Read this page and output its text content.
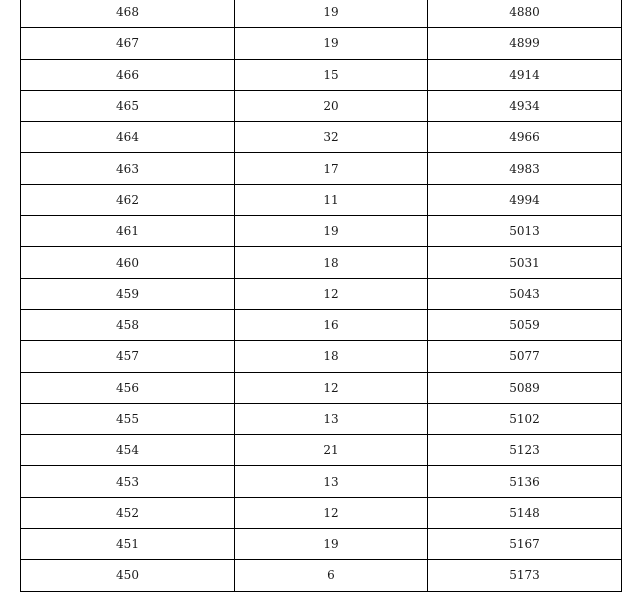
468	19	4880
467	19	4899
466	15	4914
465	20	4934
464	32	4966
463	17	4983
462	11	4994
461	19	5013
460	18	5031
459	12	5043
458	16	5059
457	18	5077
456	12	5089
455	13	5102
454	21	5123
453	13	5136
452	12	5148
451	19	5167
450	6	5173
